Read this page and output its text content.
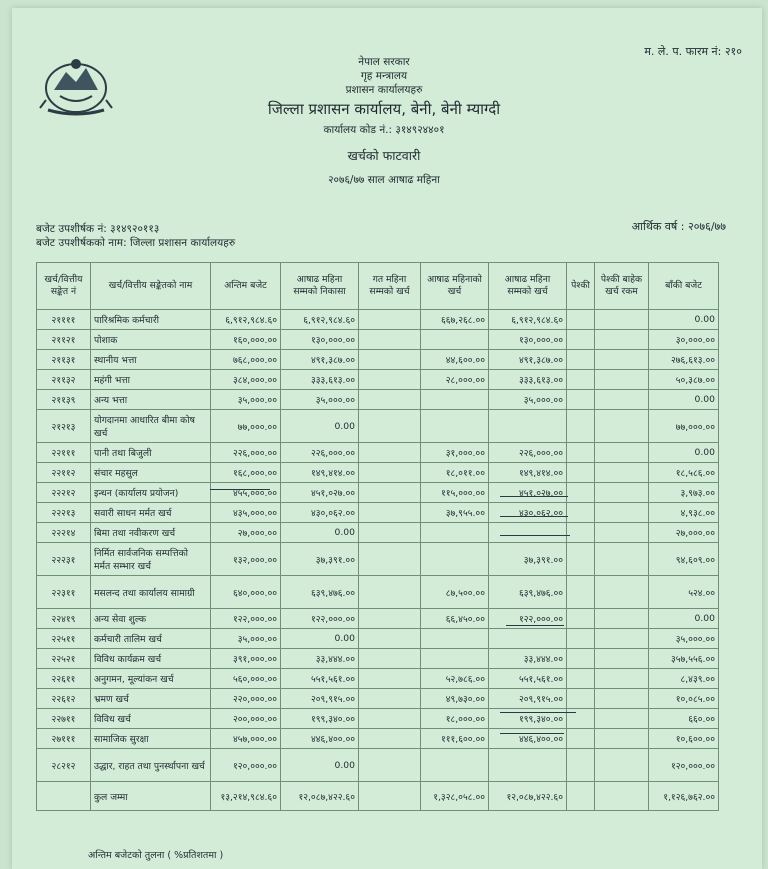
म. ले. प. फारम नं: २१०
नेपाल सरकार
गृह मन्त्रालय
प्रशासन कार्यालयहरु
जिल्ला प्रशासन कार्यालय, बेनी, बेनी म्याग्दी
कार्यालय कोड नं.: ३१४९२४४०१
खर्चको फाटवारी
२०७६/७७ साल आषाढ महिना
बजेट उपशीर्षक नं: ३१४९२०११३
बजेट उपशीर्षकको नाम: जिल्ला प्रशासन कार्यालयहरु
आर्थिक वर्ष : २०७६/७७
खर्च/वित्तीय सङ्केत नं	खर्च/वित्तीय सङ्केतको नाम	अन्तिम बजेट	आषाढ महिना सम्मको निकासा	गत महिना सम्मको खर्च	आषाढ महिनाको खर्च	आषाढ महिना सम्मको खर्च	पेश्की	पेश्की बाहेक खर्च रकम	बाँकी बजेट
२११११	पारिश्रमिक कर्मचारी	६,९१२,९८४.६०	६,९१२,९८४.६०		६६७,२६८.००	६,९१२,९८४.६०			0.00
२११२१	पोशाक	१६०,०००.००	१३०,०००.००			१३०,०००.००			३०,०००.००
२११३१	स्थानीय भत्ता	७६८,०००.००	४९१,३८७.००		४४,६००.००	४९१,३८७.००			२७६,६१३.००
२११३२	महंगी भत्ता	३८४,०००.००	३३३,६१३.००		२८,०००.००	३३३,६१३.००			५०,३८७.००
२११३९	अन्य भत्ता	३५,०००.००	३५,०००.००			३५,०००.००			0.00
२१२१३	योगदानमा आधारित बीमा कोष खर्च	७७,०००.००	0.00						७७,०००.००
२२१११	पानी तथा बिजुली	२२६,०००.००	२२६,०००.००		३१,०००.००	२२६,०००.००			0.00
२२११२	संचार महसुल	१६८,०००.००	१४९,४१४.००		१८,०११.००	१४९,४१४.००			१८,५८६.००
२२२१२	इन्धन (कार्यालय प्रयोजन)	४५५,०००.००	४५१,०२७.००		११५,०००.००	४५१,०२७.००			३,९७३.००
२२२१३	सवारी साधन मर्मत खर्च	४३५,०००.००	४३०,०६२.००		३७,९५५.००	४३०,०६२.००			४,९३८.००
२२२१४	बिमा तथा नवीकरण खर्च	२७,०००.००	0.00						२७,०००.००
२२२३१	निर्मित सार्वजनिक सम्पत्तिको मर्मत सम्भार खर्च	१३२,०००.००	३७,३९१.००			३७,३९१.००			९४,६०९.००
२२३११	मसलन्द तथा कार्यालय सामाग्री	६४०,०००.००	६३९,४७६.००		८७,५००.००	६३९,४७६.००			५२४.००
२२४१९	अन्य सेवा शुल्क	१२२,०००.००	१२२,०००.००		६६,४५०.००	१२२,०००.००			0.00
२२५११	कर्मचारी तालिम खर्च	३५,०००.००	0.00						३५,०००.००
२२५२१	विविध कार्यक्रम खर्च	३९१,०००.००	३३,४४४.००			३३,४४४.००			३५७,५५६.००
२२६११	अनुगमन, मूल्यांकन खर्च	५६०,०००.००	५५१,५६१.००		५२,७८६.००	५५१,५६१.००			८,४३९.००
२२६१२	भ्रमण खर्च	२२०,०००.००	२०९,९१५.००		४९,७३०.००	२०९,९१५.००			१०,०८५.००
२२७११	विविध खर्च	२००,०००.००	१९९,३४०.००		१८,०००.००	१९९,३४०.००			६६०.००
२७१११	सामाजिक सुरक्षा	४५७,०००.००	४४६,४००.००		१११,६००.००	४४६,४००.००			१०,६००.००
२८२१२	उद्धार, राहत तथा पुनर्स्थापना खर्च	१२०,०००.००	0.00						१२०,०००.००
	कुल जम्मा	१३,२१४,९८४.६०	१२,०८७,४२२.६०		१,३२८,०५८.००	१२,०८७,४२२.६०			१,१२६,७६२.००
अन्तिम बजेटको तुलना ( %प्रतिशतमा )
